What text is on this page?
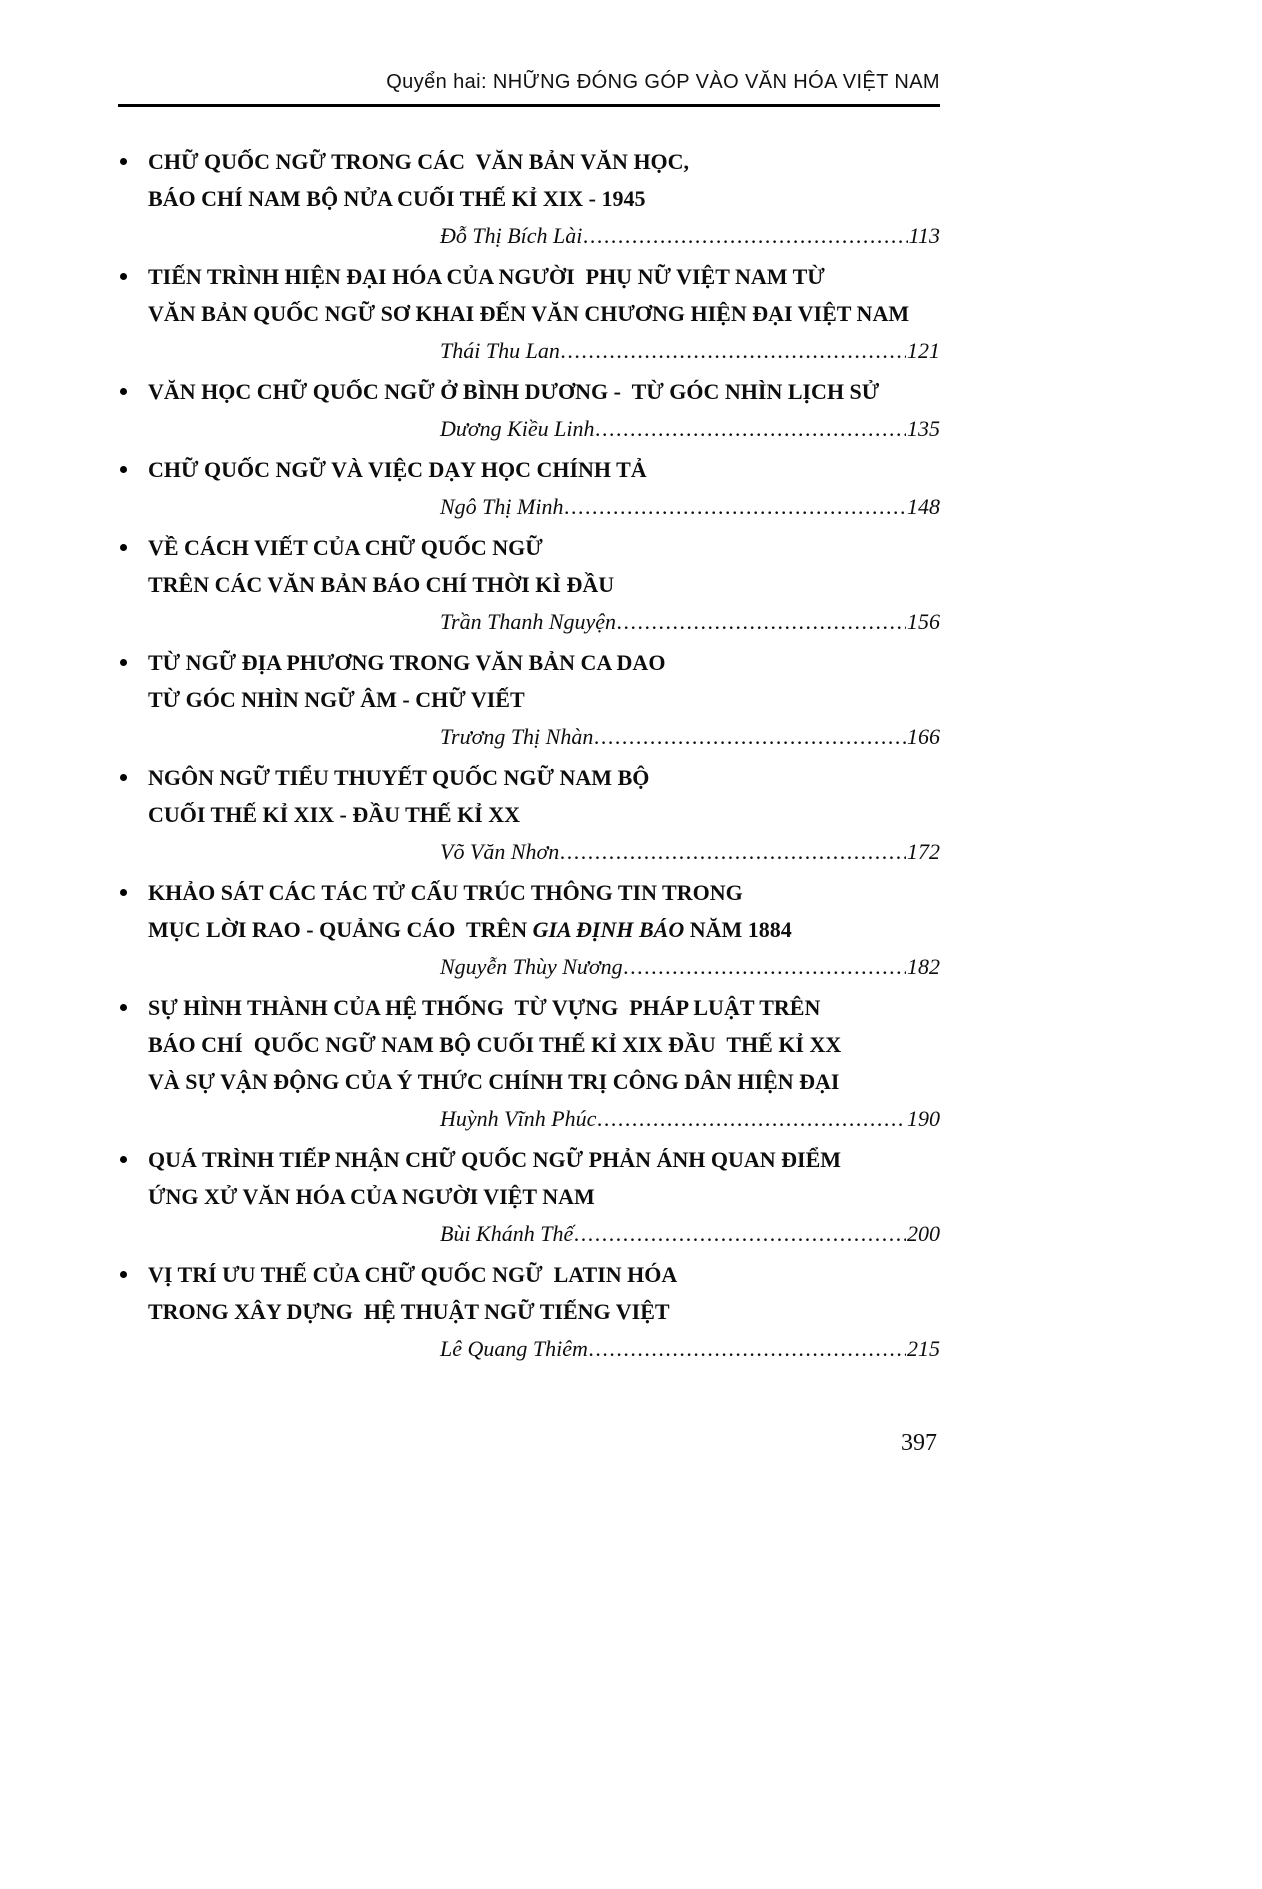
Quyển hai: NHỮNG ĐÓNG GÓP VÀO VĂN HÓA VIỆT NAM
CHỮ QUỐC NGỮ TRONG CÁC  VĂN BẢN VĂN HỌC,
BÁO CHÍ NAM BỘ NỬA CUỐI THẾ KỈ XIX - 1945
Đỗ Thị Bích Lài .....	113
TIẾN TRÌNH HIỆN ĐẠI HÓA CỦA NGƯỜI  PHỤ NỮ VIỆT NAM TỪ
VĂN BẢN QUỐC NGỮ SƠ KHAI ĐẾN VĂN CHƯƠNG HIỆN ĐẠI VIỆT NAM
Thái Thu Lan .....	121
VĂN HỌC CHỮ QUỐC NGỮ Ở BÌNH DƯƠNG -  TỪ GÓC NHÌN LỊCH SỬ
Dương Kiều Linh .....	135
CHỮ QUỐC NGỮ VÀ VIỆC DẠY HỌC CHÍNH TẢ
Ngô Thị Minh .....	148
VỀ CÁCH VIẾT CỦA CHỮ QUỐC NGỮ
TRÊN CÁC VĂN BẢN BÁO CHÍ THỜI KÌ ĐẦU
Trần Thanh Nguyện .....	156
TỪ NGỮ ĐỊA PHƯƠNG TRONG VĂN BẢN CA DAO
TỪ GÓC NHÌN NGỮ ÂM - CHỮ VIẾT
Trương Thị Nhàn .....	166
NGÔN NGỮ TIỂU THUYẾT QUỐC NGỮ NAM BỘ
CUỐI THẾ KỈ XIX - ĐẦU THẾ KỈ XX
Võ Văn Nhơn .....	172
KHẢO SÁT CÁC TÁC TỬ CẤU TRÚC THÔNG TIN TRONG
MỤC LỜI RAO - QUẢNG CÁO  TRÊN GIA ĐỊNH BÁO NĂM 1884
Nguyễn Thùy Nương .....	182
SỰ HÌNH THÀNH CỦA HỆ THỐNG  TỪ VỰNG  PHÁP LUẬT TRÊN
BÁO CHÍ  QUỐC NGỮ NAM BỘ CUỐI THẾ KỈ XIX ĐẦU  THẾ KỈ XX
VÀ SỰ VẬN ĐỘNG CỦA Ý THỨC CHÍNH TRỊ CÔNG DÂN HIỆN ĐẠI
Huỳnh Vĩnh Phúc .....	190
QUÁ TRÌNH TIẾP NHẬN CHỮ QUỐC NGỮ PHẢN ÁNH QUAN ĐIỂM
ỨNG XỬ VĂN HÓA CỦA NGƯỜI VIỆT NAM
Bùi Khánh Thế .....	200
VỊ TRÍ ƯU THẾ CỦA CHỮ QUỐC NGỮ  LATIN HÓA
TRONG XÂY DỰNG  HỆ THUẬT NGỮ TIẾNG VIỆT
Lê Quang Thiêm .....	215
397
